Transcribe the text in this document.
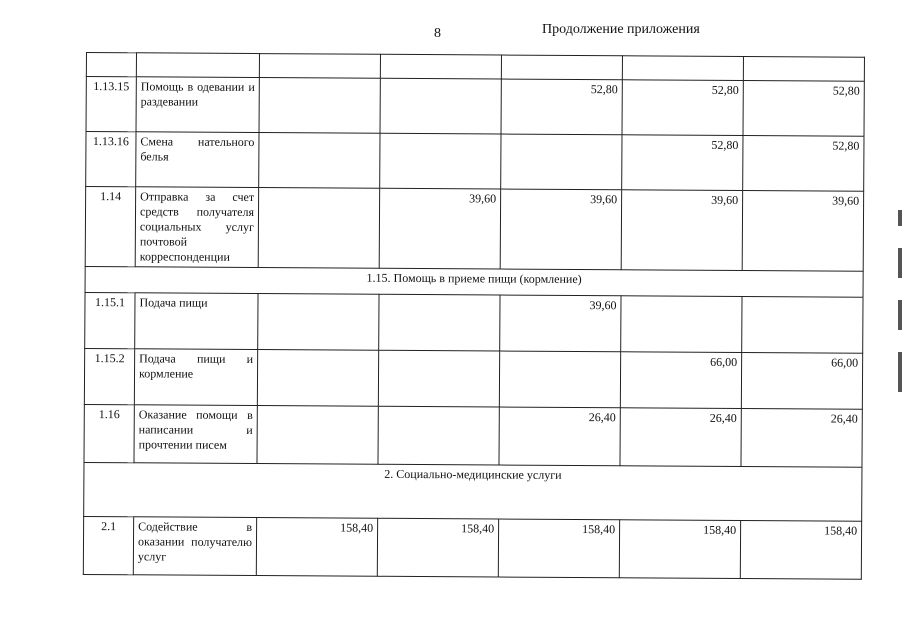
8	Продолжение приложения

1.13.15	Помощь в одевании и раздевании			52,80	52,80	52,80
1.13.16	Смена нательного белья				52,80	52,80
1.14	Отправка за счет средств получателя социальных услуг почтовой корреспонденции		39,60	39,60	39,60	39,60
1.15. Помощь в приеме пищи (кормление)						
1.15.1	Подача пищи			39,60		
1.15.2	Подача пищи и кормление				66,00	66,00
1.16	Оказание помощи в написании и прочтении писем			26,40	26,40	26,40
2. Социально-медицинские услуги						
2.1	Содействие в оказании получателю услуг	158,40	158,40	158,40	158,40	158,40
